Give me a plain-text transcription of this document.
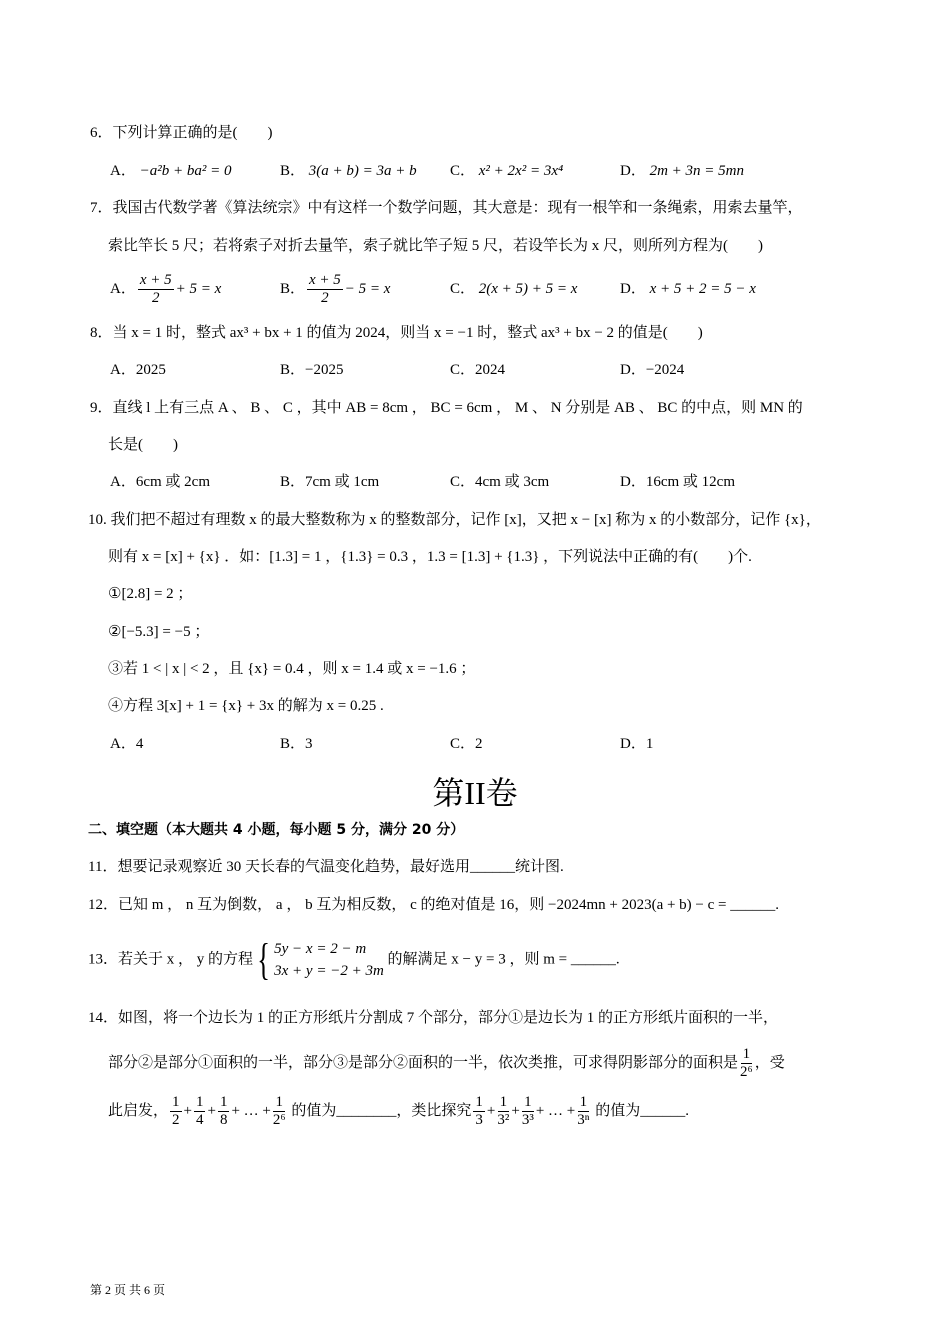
6．下列计算正确的是(　　)
A． −a²b + ba² = 0	B． 3(a + b) = 3a + b C． x² + 2x² = 3x⁴	D． 2m + 3n = 5mn
7．我国古代数学著《算法统宗》中有这样一个数学问题，其大意是：现有一根竿和一条绳索，用索去量竿，
索比竿长 5 尺；若将索子对折去量竿，索子就比竿子短 5 尺，若设竿长为 x 尺，则所列方程为(　　)
A． $\frac{x + 5}{2} + 5 = x$	B． $\frac{x + 5}{2} - 5 = x$	C． 2(x + 5) + 5 = x	D． x + 5 + 2 = 5 − x
8．当 x = 1 时，整式 ax³ + bx + 1 的值为 2024，则当 x = −1 时，整式 ax³ + bx − 2 的值是(　　)
A．2025	B．−2025	C．2024	D．−2024
9．直线 l 上有三点 A 、 B 、 C ，其中 AB = 8cm ， BC = 6cm ， M 、 N 分别是 AB 、 BC 的中点，则 MN 的
长是(　　)
A．6cm 或 2cm	B．7cm 或 1cm	C．4cm 或 3cm	D．16cm 或 12cm
10. 我们把不超过有理数 x 的最大整数称为 x 的整数部分，记作 [x]，又把 x − [x] 称为 x 的小数部分，记作 {x}，
则有 x = [x] + {x} ．如：[1.3] = 1 ，{1.3} = 0.3 ，1.3 = [1.3] + {1.3} ，下列说法中正确的有(　　)个.
①[2.8] = 2 ；
②[−5.3] = −5 ；
③若 1 < | x | < 2 ，且 {x} = 0.4 ，则 x = 1.4 或 x = −1.6 ；
④方程 3[x] + 1 = {x} + 3x 的解为 x = 0.25 .
A．4	B．3	C．2	D．1
第II卷
二、填空题（本大题共 4 小题，每小题 5 分，满分 20 分）
11．想要记录观察近 30 天长春的气温变化趋势，最好选用______统计图.
12．已知 m ， n 互为倒数， a ， b 互为相反数， c 的绝对值是 16，则 −2024mn + 2023(a + b) − c = ______.
13．若关于 x ， y 的方程 { 5y − x = 2 − m
3x + y = −2 + 3m
的解满足 x − y = 3 ，则 m = ______.
14．如图，将一个边长为 1 的正方形纸片分割成 7 个部分，部分①是边长为 1 的正方形纸片面积的一半，
部分②是部分①面积的一半，部分③是部分②面积的一半，依次类推，可求得阴影部分的面积是 $\frac{1}{\text{2⁶}}$ ，受
此启发， $\frac{1}{2} + \frac{1}{4} + \frac{1}{8}$ + … + $\frac{1}{\text{2⁶}}$ 的值为________，类比探究 $\frac{1}{3} + \frac{1}{\text{3²}} + \frac{1}{\text{3³}}$ + … + $\frac{1}{\text{3ⁿ}}$ 的值为______.
第 2 页 共 6 页
